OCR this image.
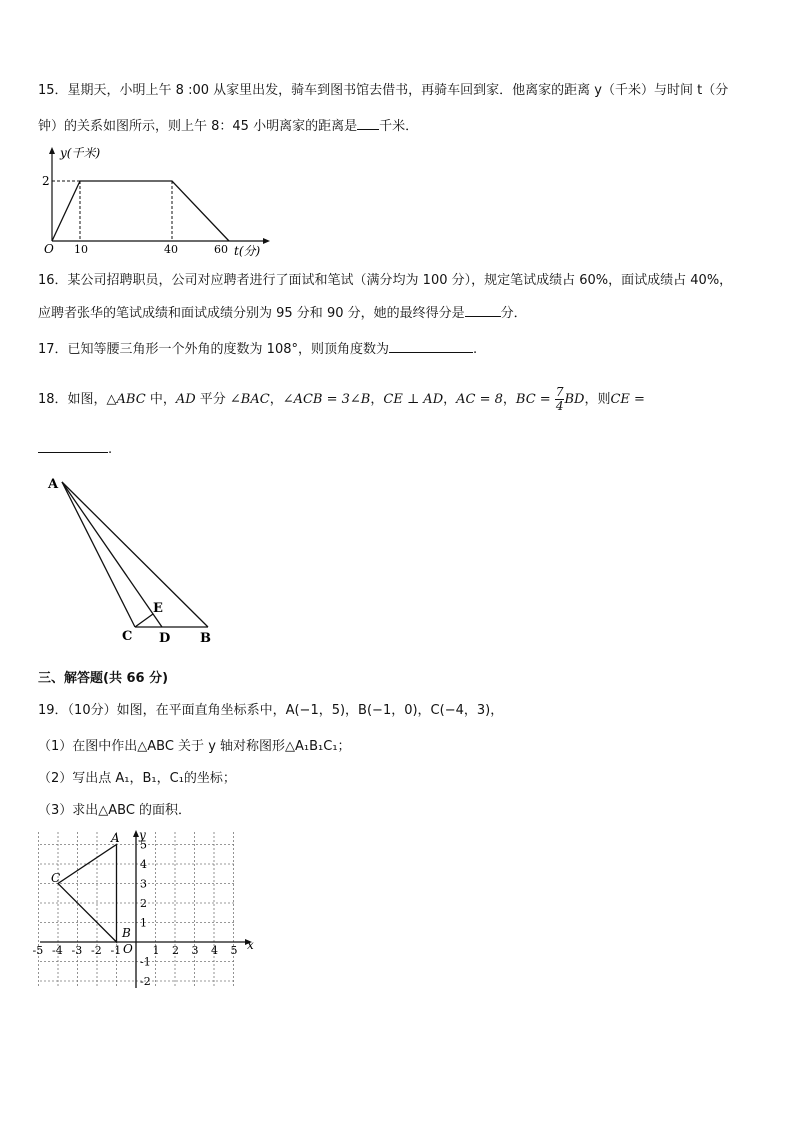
15．星期天，小明上午 8 :00 从家里出发，骑车到图书馆去借书，再骑车回到家．他离家的距离 y（千米）与时间 t（分
钟）的关系如图所示，则上午 8：45 小明离家的距离是 千米．
y(千米)
2
O 10	40	60 t(分)
16．某公司招聘职员，公司对应聘者进行了面试和笔试（满分均为 100 分），规定笔试成绩占 60%，面试成绩占 40%，
应聘者张华的笔试成绩和面试成绩分别为 95 分和 90 分，她的最终得分是	分．
17．已知等腰三角形一个外角的度数为 108°，则顶角度数为	.
18．如图，△ABC 中，AD 平分 ∠BAC，∠ACB = 3∠B，CE ⊥ AD，AC = 8，BC = $\frac{7}{4}$ BD，则CE =
.
A
E
C D B
三、解答题(共 66 分)
19．（10分）如图，在平面直角坐标系中，A(−1，5)，B(−1，0)，C(−4，3)，
（1）在图中作出△ABC 关于 y 轴对称图形△A₁B₁C₁；
（2）写出点 A₁，B₁，C₁的坐标；
（3）求出△ABC 的面积．
y
x
A
C
B
O
-5 -4 -3 -2 -1	1 2 3 4 5
5
4
3
2
1
-1
-2
